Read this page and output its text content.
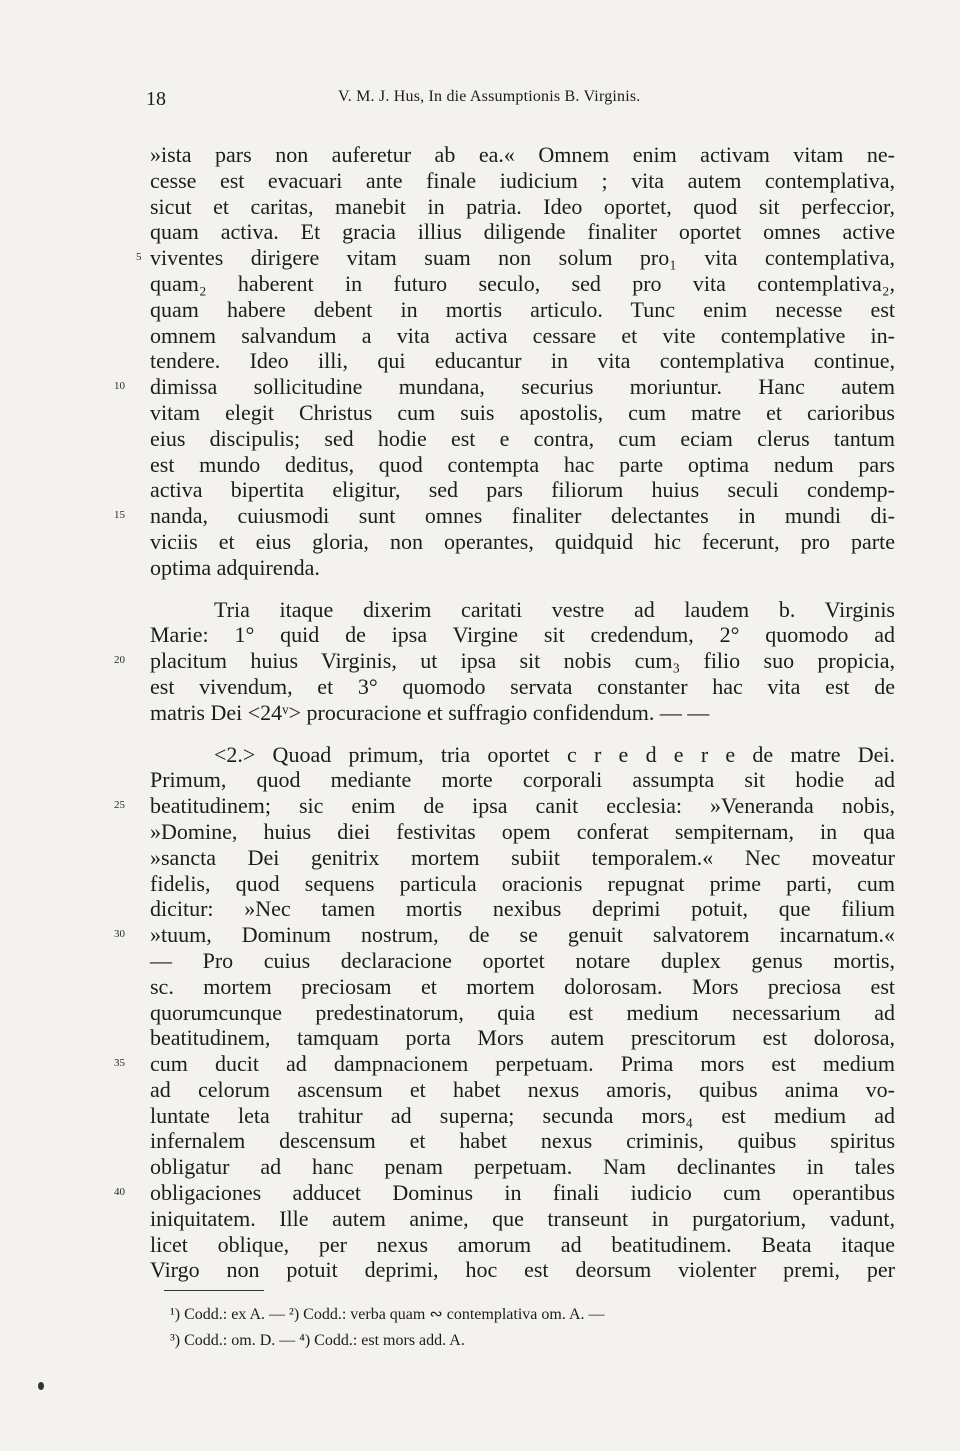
18	V. M. J. Hus, In die Assumptionis B. Virginis.
»ista pars non auferetur ab ea.« Omnem enim activam vitam ne-
cesse est evacuari ante finale iudicium ; vita autem contemplativa,
sicut et caritas, manebit in patria. Ideo oportet, quod sit perfeccior,
quam activa. Et gracia illius diligende finaliter oportet omnes active
5 viventes dirigere vitam suam non solum pro₁ vita contemplativa,
quam₂ haberent in futuro seculo, sed pro vita contemplativa₂,
quam habere debent in mortis articulo. Tunc enim necesse est
omnem salvandum a vita activa cessare et vite contemplative in-
tendere. Ideo illi, qui educantur in vita contemplativa continue,
10 dimissa sollicitudine mundana, securius moriuntur. Hanc autem
vitam elegit Christus cum suis apostolis, cum matre et carioribus
eius discipulis; sed hodie est e contra, cum eciam clerus tantum
est mundo deditus, quod contempta hac parte optima nedum pars
activa bipertita eligitur, sed pars filiorum huius seculi condemp-
15 nanda, cuiusmodi sunt omnes finaliter delectantes in mundi di-
viciis et eius gloria, non operantes, quidquid hic fecerunt, pro parte
optima adquirenda.
Tria itaque dixerim caritati vestre ad laudem b. Virginis
Marie: 1° quid de ipsa Virgine sit credendum, 2° quomodo ad
20 placitum huius Virginis, ut ipsa sit nobis cum₃ filio suo propicia,
est vivendum, et 3° quomodo servata constanter hac vita est de
matris Dei <24ᵛ> procuracione et suffragio confidendum. — —
<2.> Quoad primum, tria oportet c r e d e r e de matre Dei.
Primum, quod mediante morte corporali assumpta sit hodie ad
25 beatitudinem; sic enim de ipsa canit ecclesia: »Veneranda nobis,
»Domine, huius diei festivitas opem conferat sempiternam, in qua
»sancta Dei genitrix mortem subiit temporalem.« Nec moveatur
fidelis, quod sequens particula oracionis repugnat prime parti, cum
dicitur: »Nec tamen mortis nexibus deprimi potuit, que filium
30 »tuum, Dominum nostrum, de se genuit salvatorem incarnatum.«
— Pro cuius declaracione oportet notare duplex genus mortis,
sc. mortem preciosam et mortem dolorosam. Mors preciosa est
quorumcunque predestinatorum, quia est medium necessarium ad
beatitudinem, tamquam porta Mors autem prescitorum est dolorosa,
35 cum ducit ad dampnacionem perpetuam. Prima mors est medium
ad celorum ascensum et habet nexus amoris, quibus anima vo-
luntate leta trahitur ad superna; secunda mors₄ est medium ad
infernalem descensum et habet nexus criminis, quibus spiritus
obligatur ad hanc penam perpetuam. Nam declinantes in tales
40 obligaciones adducet Dominus in finali iudicio cum operantibus
iniquitatem. Ille autem anime, que transeunt in purgatorium, vadunt,
licet oblique, per nexus amorum ad beatitudinem. Beata itaque
Virgo non potuit deprimi, hoc est deorsum violenter premi, per
¹) Codd.: ex A. — ²) Codd.: verba quam ∾ contemplativa om. A. —
³) Codd.: om. D. — ⁴) Codd.: est mors add. A.
